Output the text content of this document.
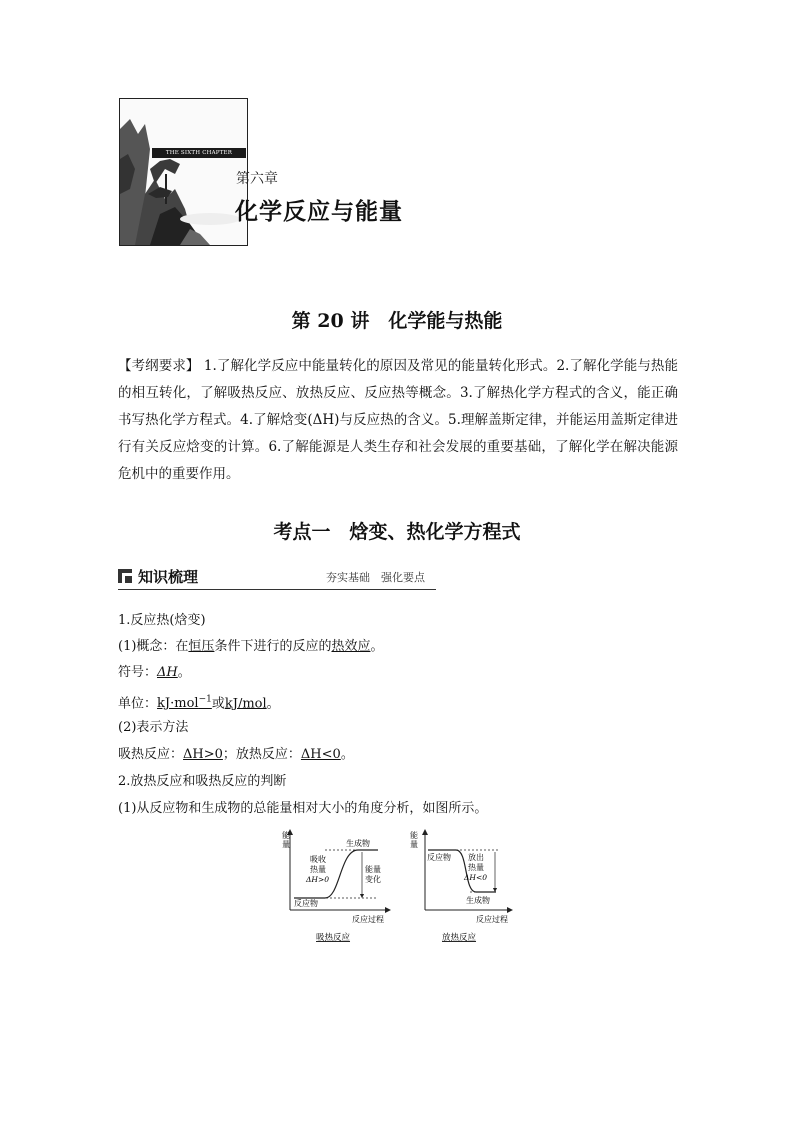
THE SIXTH CHAPTER
第六章
化学反应与能量
第 20 讲　化学能与热能
【考纲要求】 1.了解化学反应中能量转化的原因及常见的能量转化形式。2.了解化学能与热能的相互转化，了解吸热反应、放热反应、反应热等概念。3.了解热化学方程式的含义，能正确书写热化学方程式。4.了解焓变(ΔH)与反应热的含义。5.理解盖斯定律，并能运用盖斯定律进行有关反应焓变的计算。6.了解能源是人类生存和社会发展的重要基础，了解化学在解决能源危机中的重要作用。
考点一　焓变、热化学方程式
知识梳理	夯实基础　强化要点
1.反应热(焓变)
(1)概念：在恒压条件下进行的反应的热效应。
符号：ΔH。
单位：kJ·mol$^{-1}$或kJ/mol。
(2)表示方法
吸热反应：ΔH>0；放热反应：ΔH<0。
2.放热反应和吸热反应的判断
(1)从反应物和生成物的总能量相对大小的角度分析，如图所示。
能
量	生成物
反应物
吸收
热量
ΔH>0
能量
变化
反应过程
吸热反应
能
量
反应物 放出
热量
ΔH<0
生成物
反应过程
放热反应
